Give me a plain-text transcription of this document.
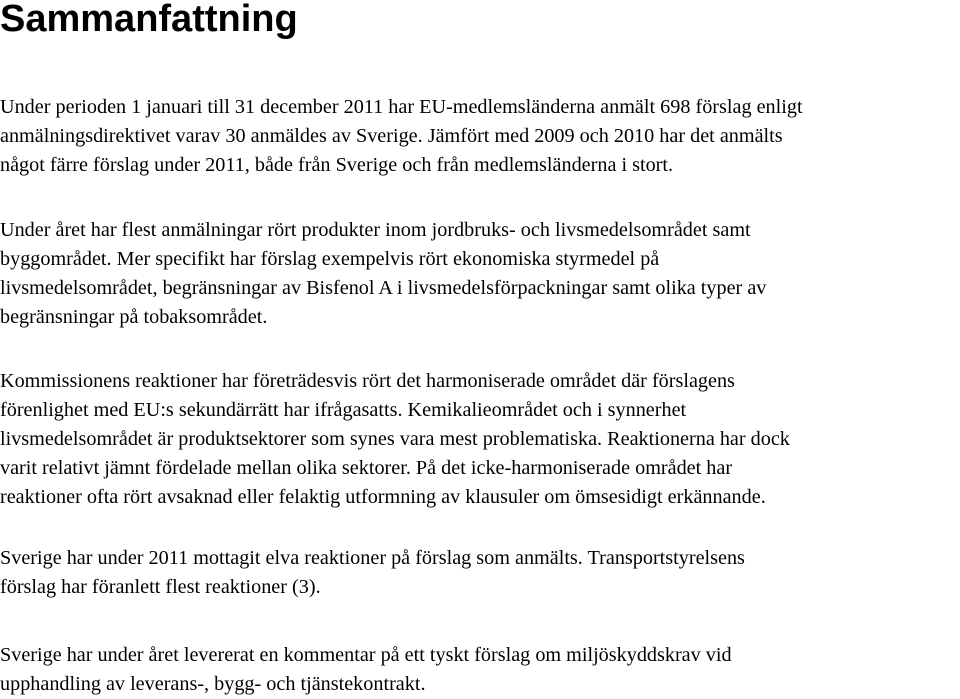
Sammanfattning

Under perioden 1 januari till 31 december 2011 har EU-medlemsländerna anmält 698 förslag enligt
anmälningsdirektivet varav 30 anmäldes av Sverige. Jämfört med 2009 och 2010 har det anmälts
något färre förslag under 2011, både från Sverige och från medlemsländerna i stort.

Under året har flest anmälningar rört produkter inom jordbruks- och livsmedelsområdet samt
byggområdet. Mer specifikt har förslag exempelvis rört ekonomiska styrmedel på
livsmedelsområdet, begränsningar av Bisfenol A i livsmedelsförpackningar samt olika typer av
begränsningar på tobaksområdet.

Kommissionens reaktioner har företrädesvis rört det harmoniserade området där förslagens
förenlighet med EU:s sekundärrätt har ifrågasatts. Kemikalieområdet och i synnerhet
livsmedelsområdet är produktsektorer som synes vara mest problematiska. Reaktionerna har dock
varit relativt jämnt fördelade mellan olika sektorer. På det icke-harmoniserade området har
reaktioner ofta rört avsaknad eller felaktig utformning av klausuler om ömsesidigt erkännande.

Sverige har under 2011 mottagit elva reaktioner på förslag som anmälts. Transportstyrelsens
förslag har föranlett flest reaktioner (3).

Sverige har under året levererat en kommentar på ett tyskt förslag om miljöskyddskrav vid
upphandling av leverans-, bygg- och tjänstekontrakt.
